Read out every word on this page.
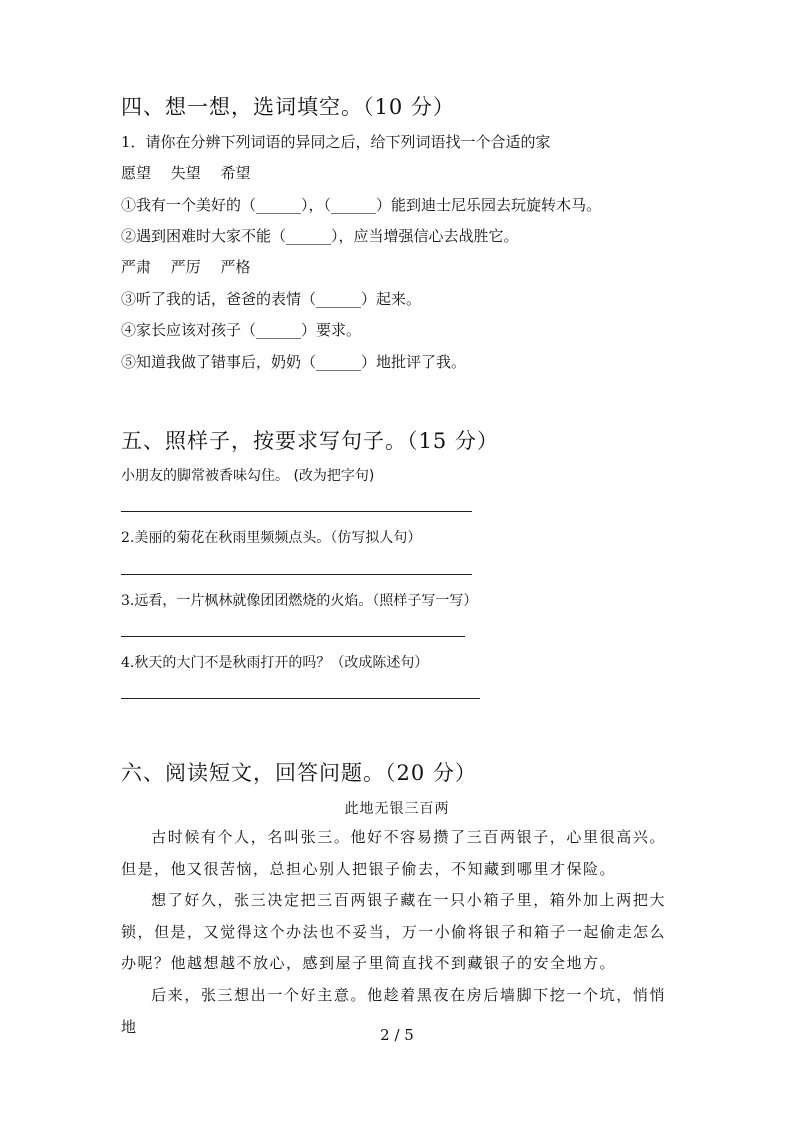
四、想一想，选词填空。（10 分）
1．请你在分辨下列词语的异同之后，给下列词语找一个合适的家
愿望　 失望　 希望
①我有一个美好的（______），（______）能到迪士尼乐园去玩旋转木马。
②遇到困难时大家不能（______），应当增强信心去战胜它。
严肃　 严厉　 严格
③听了我的话，爸爸的表情（______）起来。
④家长应该对孩子（______）要求。
⑤知道我做了错事后，奶奶（______）地批评了我。
五、照样子，按要求写句子。（15 分）
小朋友的脚常被香味勾住。 (改为把字句)
2.美丽的菊花在秋雨里频频点头。（仿写拟人句）
3.远看，一片枫林就像团团燃烧的火焰。（照样子写一写）
4.秋天的大门不是秋雨打开的吗？（改成陈述句）
六、阅读短文，回答问题。（20 分）
此地无银三百两
古时候有个人，名叫张三。他好不容易攒了三百两银子，心里很高兴。但是，他又很苦恼，总担心别人把银子偷去，不知藏到哪里才保险。
想了好久，张三决定把三百两银子藏在一只小箱子里，箱外加上两把大锁，但是，又觉得这个办法也不妥当，万一小偷将银子和箱子一起偷走怎么办呢？他越想越不放心，感到屋子里简直找不到藏银子的安全地方。
后来，张三想出一个好主意。他趁着黑夜在房后墙脚下挖一个坑，悄悄地	2 / 5
